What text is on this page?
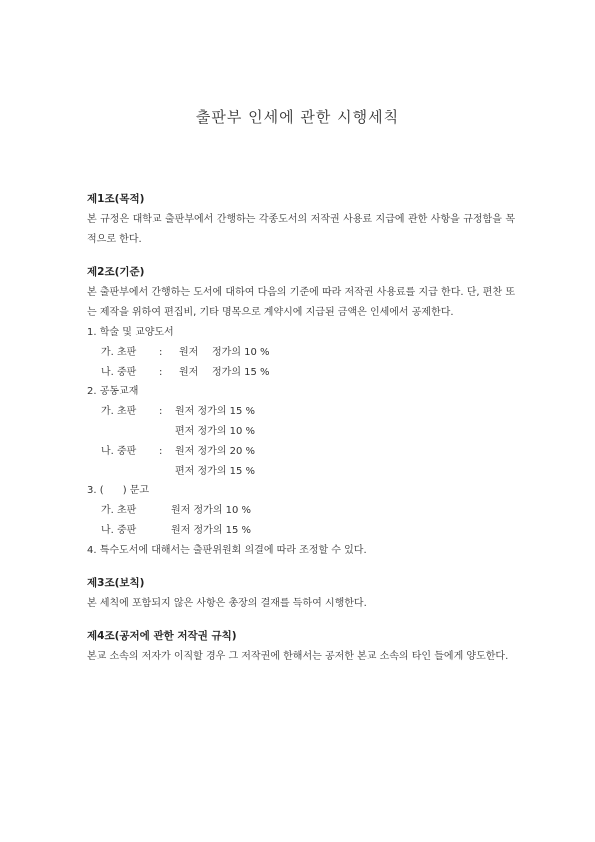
출판부 인세에 관한 시행세칙
제1조(목적)
본 규정은 대학교 출판부에서 간행하는 각종도서의 저작권 사용료 지급에 관한 사항을 규정함을 목적으로 한다.
제2조(기준)
본 출판부에서 간행하는 도서에 대하여 다음의 기준에 따라 저작권 사용료를 지급 한다. 단, 편찬 또는 제작을 위하여 편집비, 기타 명목으로 계약시에 지급된 금액은 인세에서 공제한다.
1. 학술 및 교양도서
가. 초판 : 원저 정가의 10 %
나. 중판 : 원저 정가의 15 %
2. 공동교재
가. 초판 : 원저 정가의 15 %
편저 정가의 10 %
나. 중판 : 원저 정가의 20 %
편저 정가의 15 %
3. (      ) 문고
가. 초판	원저 정가의 10 %
나. 중판	원저 정가의 15 %
4. 특수도서에 대해서는 출판위원회 의결에 따라 조정할 수 있다.
제3조(보칙)
본 세칙에 포함되지 않은 사항은 총장의 결재를 득하여 시행한다.
제4조(공저에 관한 저작권 규칙)
본교 소속의 저자가 이직할 경우 그 저작권에 한해서는 공저한 본교 소속의 타인 들에게 양도한다.
